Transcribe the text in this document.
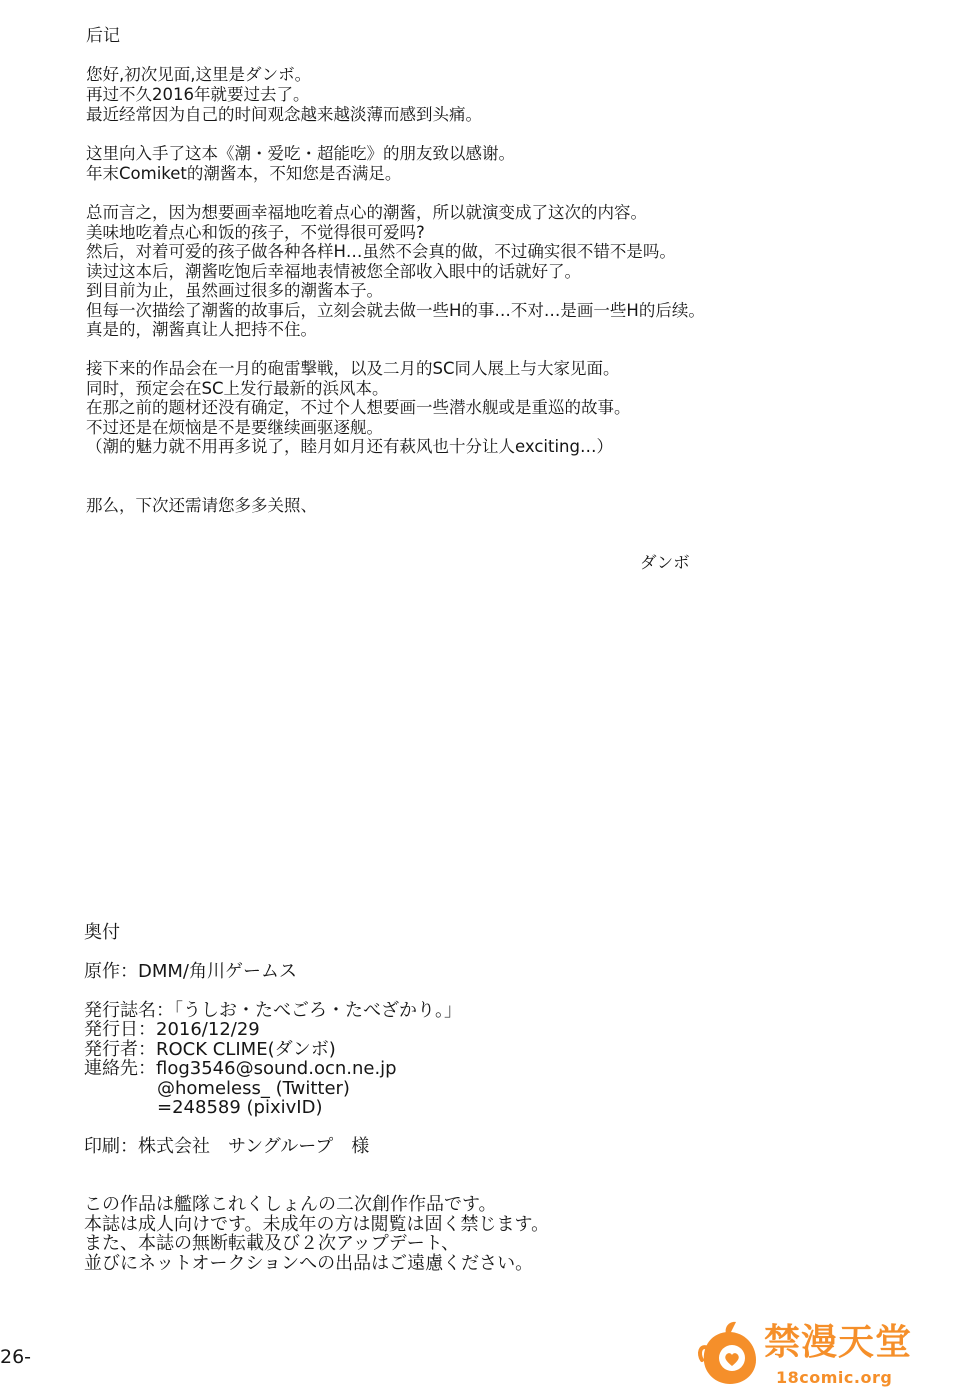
后记

您好,初次见面,这里是ダンボ。

再过不久2016年就要过去了。

最近经常因为自己的时间观念越来越淡薄而感到头痛。

这里向入手了这本《潮・爱吃・超能吃》的朋友致以感谢。

年末Comiket的潮酱本，不知您是否满足。

总而言之，因为想要画幸福地吃着点心的潮酱，所以就演变成了这次的内容。

美味地吃着点心和饭的孩子，不觉得很可爱吗?

然后，对着可爱的孩子做各种各样H…虽然不会真的做，不过确实很不错不是吗。

读过这本后，潮酱吃饱后幸福地表情被您全部收入眼中的话就好了。

到目前为止，虽然画过很多的潮酱本子。

但每一次描绘了潮酱的故事后，立刻会就去做一些H的事…不对…是画一些H的后续。

真是的，潮酱真让人把持不住。

接下来的作品会在一月的砲雷撃戦，以及二月的SC同人展上与大家见面。

同时，预定会在SC上发行最新的浜风本。

在那之前的题材还没有确定，不过个人想要画一些潜水舰或是重巡的故事。

不过还是在烦恼是不是要继续画驱逐舰。

（潮的魅力就不用再多说了，睦月如月还有萩风也十分让人exciting…）

那么，下次还需请您多多关照、

ダンボ

奥付

原作：DMM/角川ゲームス

発行誌名：「うしお・たべごろ・たべざかり。」

発行日：2016/12/29

発行者：ROCK CLIME(ダンボ)

連絡先：flog3546@sound.ocn.ne.jp

@homeless_ (Twitter)

=248589 (pixivID)

印刷：株式会社　サングループ　様

この作品は艦隊これくしょんの二次創作作品です。

本誌は成人向けです。未成年の方は閲覧は固く禁じます。

また、本誌の無断転載及び２次アップデート、

並びにネットオークションへの出品はご遠慮ください。

26-	禁漫天堂
18comic.org
